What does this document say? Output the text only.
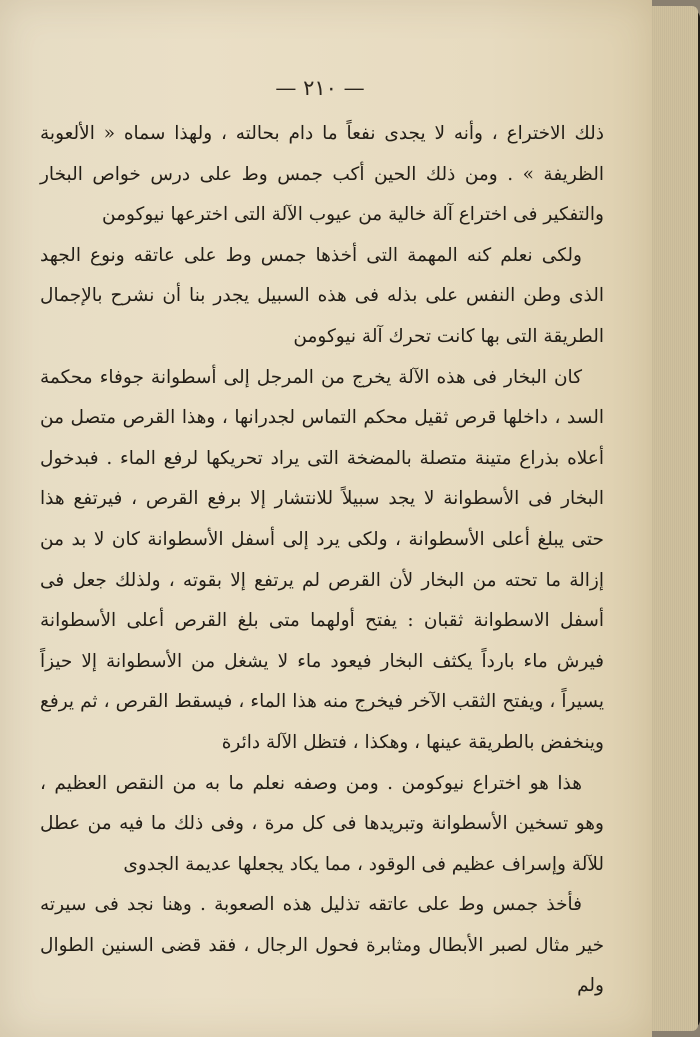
— ٢١٠ —

ذلك الاختراع ، وأنه لا يجدى نفعاً ما دام بحالته ، ولهذا سماه « الألعوبة الظريفة » . ومن ذلك الحين أكب جمس وط على درس خواص البخار والتفكير فى اختراع آلة خالية من عيوب الآلة التى اخترعها نيوكومن

ولكى نعلم كنه المهمة التى أخذها جمس وط على عاتقه ونوع الجهد الذى وطن النفس على بذله فى هذه السبيل يجدر بنا أن نشرح بالإجمال الطريقة التى بها كانت تحرك آلة نيوكومن

كان البخار فى هذه الآلة يخرج من المرجل إلى أسطوانة جوفاء محكمة السد ، داخلها قرص ثقيل محكم التماس لجدرانها ، وهذا القرص متصل من أعلاه بذراع متينة متصلة بالمضخة التى يراد تحريكها لرفع الماء . فبدخول البخار فى الأسطوانة لا يجد سبيلاً للانتشار إلا برفع القرص ، فيرتفع هذا حتى يبلغ أعلى الأسطوانة ، ولكى يرد إلى أسفل الأسطوانة كان لا بد من إزالة ما تحته من البخار لأن القرص لم يرتفع إلا بقوته ، ولذلك جعل فى أسفل الاسطوانة ثقبان : يفتح أولهما متى بلغ القرص أعلى الأسطوانة فيرش ماء بارداً يكثف البخار فيعود ماء لا يشغل من الأسطوانة إلا حيزاً يسيراً ، ويفتح الثقب الآخر فيخرج منه هذا الماء ، فيسقط القرص ، ثم يرفع وينخفض بالطريقة عينها ، وهكذا ، فتظل الآلة دائرة

هذا هو اختراع نيوكومن . ومن وصفه نعلم ما به من النقص العظيم ، وهو تسخين الأسطوانة وتبريدها فى كل مرة ، وفى ذلك ما فيه من عطل للآلة وإسراف عظيم فى الوقود ، مما يكاد يجعلها عديمة الجدوى

فأخذ جمس وط على عاتقه تذليل هذه الصعوبة . وهنا نجد فى سيرته خير مثال لصبر الأبطال ومثابرة فحول الرجال ، فقد قضى السنين الطوال ولم
